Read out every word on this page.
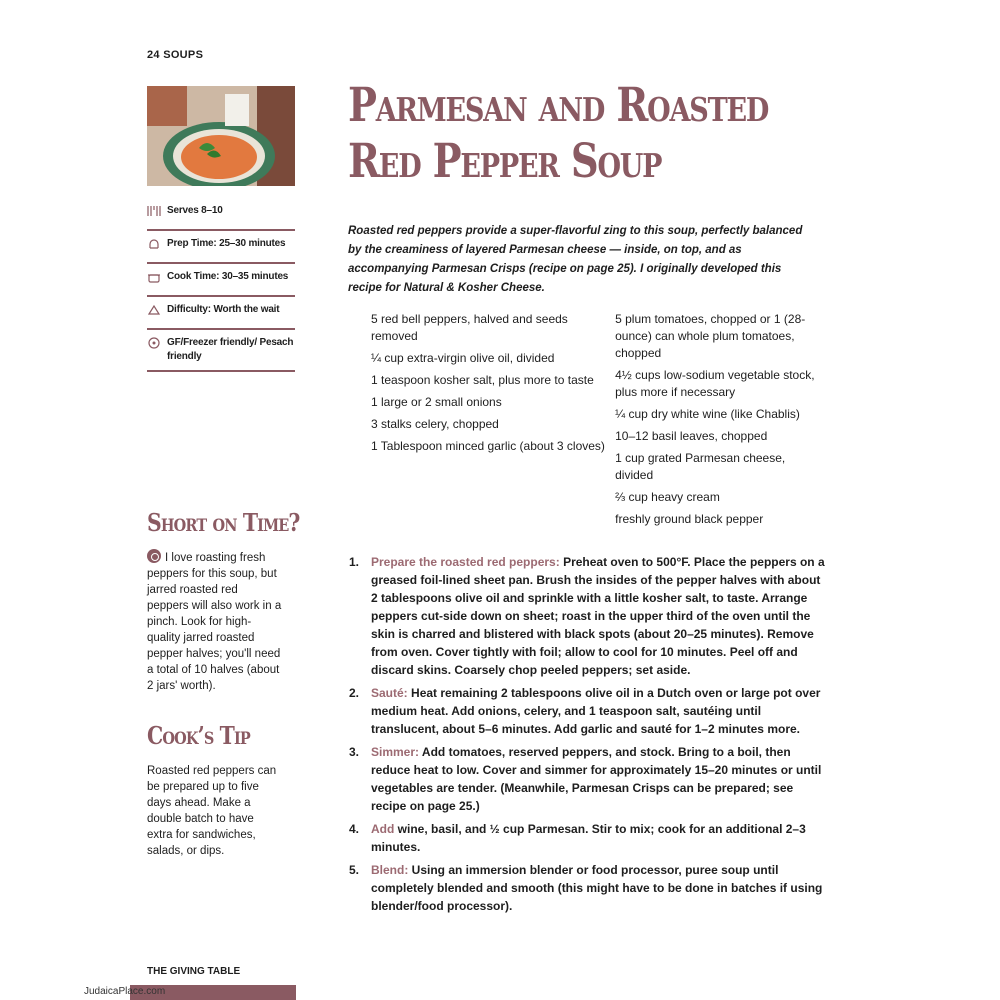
24 SOUPS
Serves 8–10
Prep Time: 25–30 minutes
Cook Time: 30–35 minutes
Difficulty: Worth the wait
GF/Freezer friendly/ Pesach friendly
Parmesan and Roasted Red Pepper Soup

Roasted red peppers provide a super-flavorful zing to this soup, perfectly balanced by the creaminess of layered Parmesan cheese — inside, on top, and as accompanying Parmesan Crisps (recipe on page 25). I originally developed this recipe for Natural & Kosher Cheese.

5 red bell peppers, halved and seeds removed
¼ cup extra-virgin olive oil, divided
1 teaspoon kosher salt, plus more to taste
1 large or 2 small onions
3 stalks celery, chopped
1 Tablespoon minced garlic (about 3 cloves)
5 plum tomatoes, chopped or 1 (28-ounce) can whole plum tomatoes, chopped
4½ cups low-sodium vegetable stock, plus more if necessary
¼ cup dry white wine (like Chablis)
10–12 basil leaves, chopped
1 cup grated Parmesan cheese, divided
⅔ cup heavy cream
freshly ground black pepper
Short on Time?

I love roasting fresh peppers for this soup, but jarred roasted red peppers will also work in a pinch. Look for high-quality jarred roasted pepper halves; you'll need a total of 10 halves (about 2 jars' worth).

Cook’s Tip

Roasted red peppers can be prepared up to five days ahead. Make a double batch to have extra for sandwiches, salads, or dips.

1. Prepare the roasted red peppers: Preheat oven to 500°F. Place the peppers on a greased foil-lined sheet pan. Brush the insides of the pepper halves with about 2 tablespoons olive oil and sprinkle with a little kosher salt, to taste. Arrange peppers cut-side down on sheet; roast in the upper third of the oven until the skin is charred and blistered with black spots (about 20–25 minutes). Remove from oven. Cover tightly with foil; allow to cool for 10 minutes. Peel off and discard skins. Coarsely chop peeled peppers; set aside.
2. Sauté: Heat remaining 2 tablespoons olive oil in a Dutch oven or large pot over medium heat. Add onions, celery, and 1 teaspoon salt, sautéing until translucent, about 5–6 minutes. Add garlic and sauté for 1–2 minutes more.
3. Simmer: Add tomatoes, reserved peppers, and stock. Bring to a boil, then reduce heat to low. Cover and simmer for approximately 15–20 minutes or until vegetables are tender. (Meanwhile, Parmesan Crisps can be prepared; see recipe on page 25.)
4. Add wine, basil, and ½ cup Parmesan. Stir to mix; cook for an additional 2–3 minutes.
5. Blend: Using an immersion blender or food processor, puree soup until completely blended and smooth (this might have to be done in batches if using blender/food processor).
THE GIVING TABLE
JudaicaPlace.com
